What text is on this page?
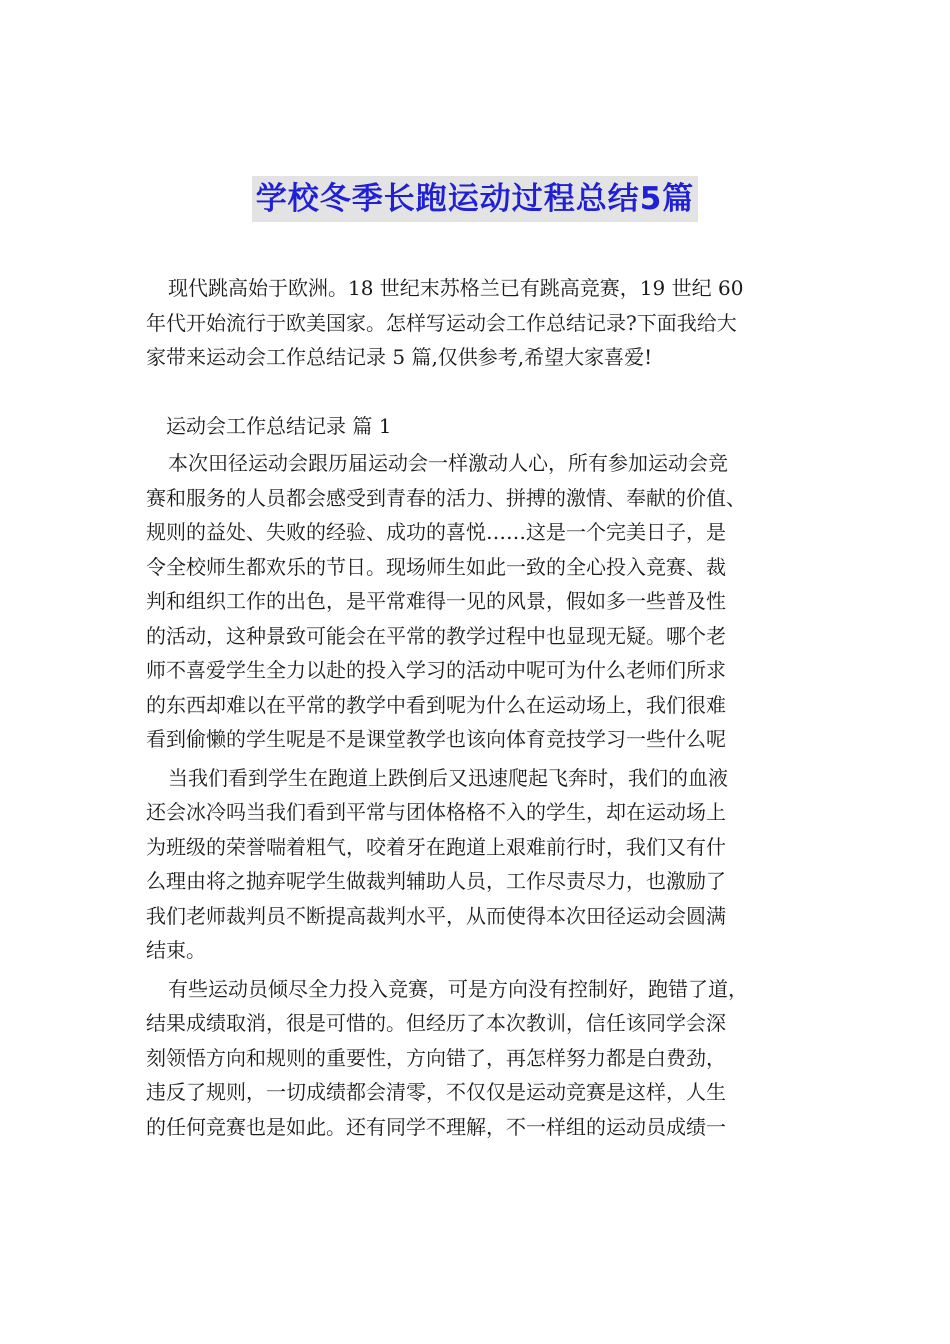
学校冬季长跑运动过程总结5篇

现代跳高始于欧洲。18 世纪末苏格兰已有跳高竞赛，19 世纪 60
年代开始流行于欧美国家。怎样写运动会工作总结记录?下面我给大
家带来运动会工作总结记录 5 篇,仅供参考,希望大家喜爱!

运动会工作总结记录 篇 1

本次田径运动会跟历届运动会一样激动人心，所有参加运动会竞
赛和服务的人员都会感受到青春的活力、拼搏的激情、奉献的价值、
规则的益处、失败的经验、成功的喜悦……这是一个完美日子，是
令全校师生都欢乐的节日。现场师生如此一致的全心投入竞赛、裁
判和组织工作的出色，是平常难得一见的风景，假如多一些普及性
的活动，这种景致可能会在平常的教学过程中也显现无疑。哪个老
师不喜爱学生全力以赴的投入学习的活动中呢可为什么老师们所求
的东西却难以在平常的教学中看到呢为什么在运动场上，我们很难
看到偷懒的学生呢是不是课堂教学也该向体育竞技学习一些什么呢

当我们看到学生在跑道上跌倒后又迅速爬起飞奔时，我们的血液
还会冰冷吗当我们看到平常与团体格格不入的学生，却在运动场上
为班级的荣誉喘着粗气，咬着牙在跑道上艰难前行时，我们又有什
么理由将之抛弃呢学生做裁判辅助人员，工作尽责尽力，也激励了
我们老师裁判员不断提高裁判水平，从而使得本次田径运动会圆满
结束。

有些运动员倾尽全力投入竞赛，可是方向没有控制好，跑错了道，
结果成绩取消，很是可惜的。但经历了本次教训，信任该同学会深
刻领悟方向和规则的重要性，方向错了，再怎样努力都是白费劲，
违反了规则，一切成绩都会清零，不仅仅是运动竞赛是这样，人生
的任何竞赛也是如此。还有同学不理解，不一样组的运动员成绩一
